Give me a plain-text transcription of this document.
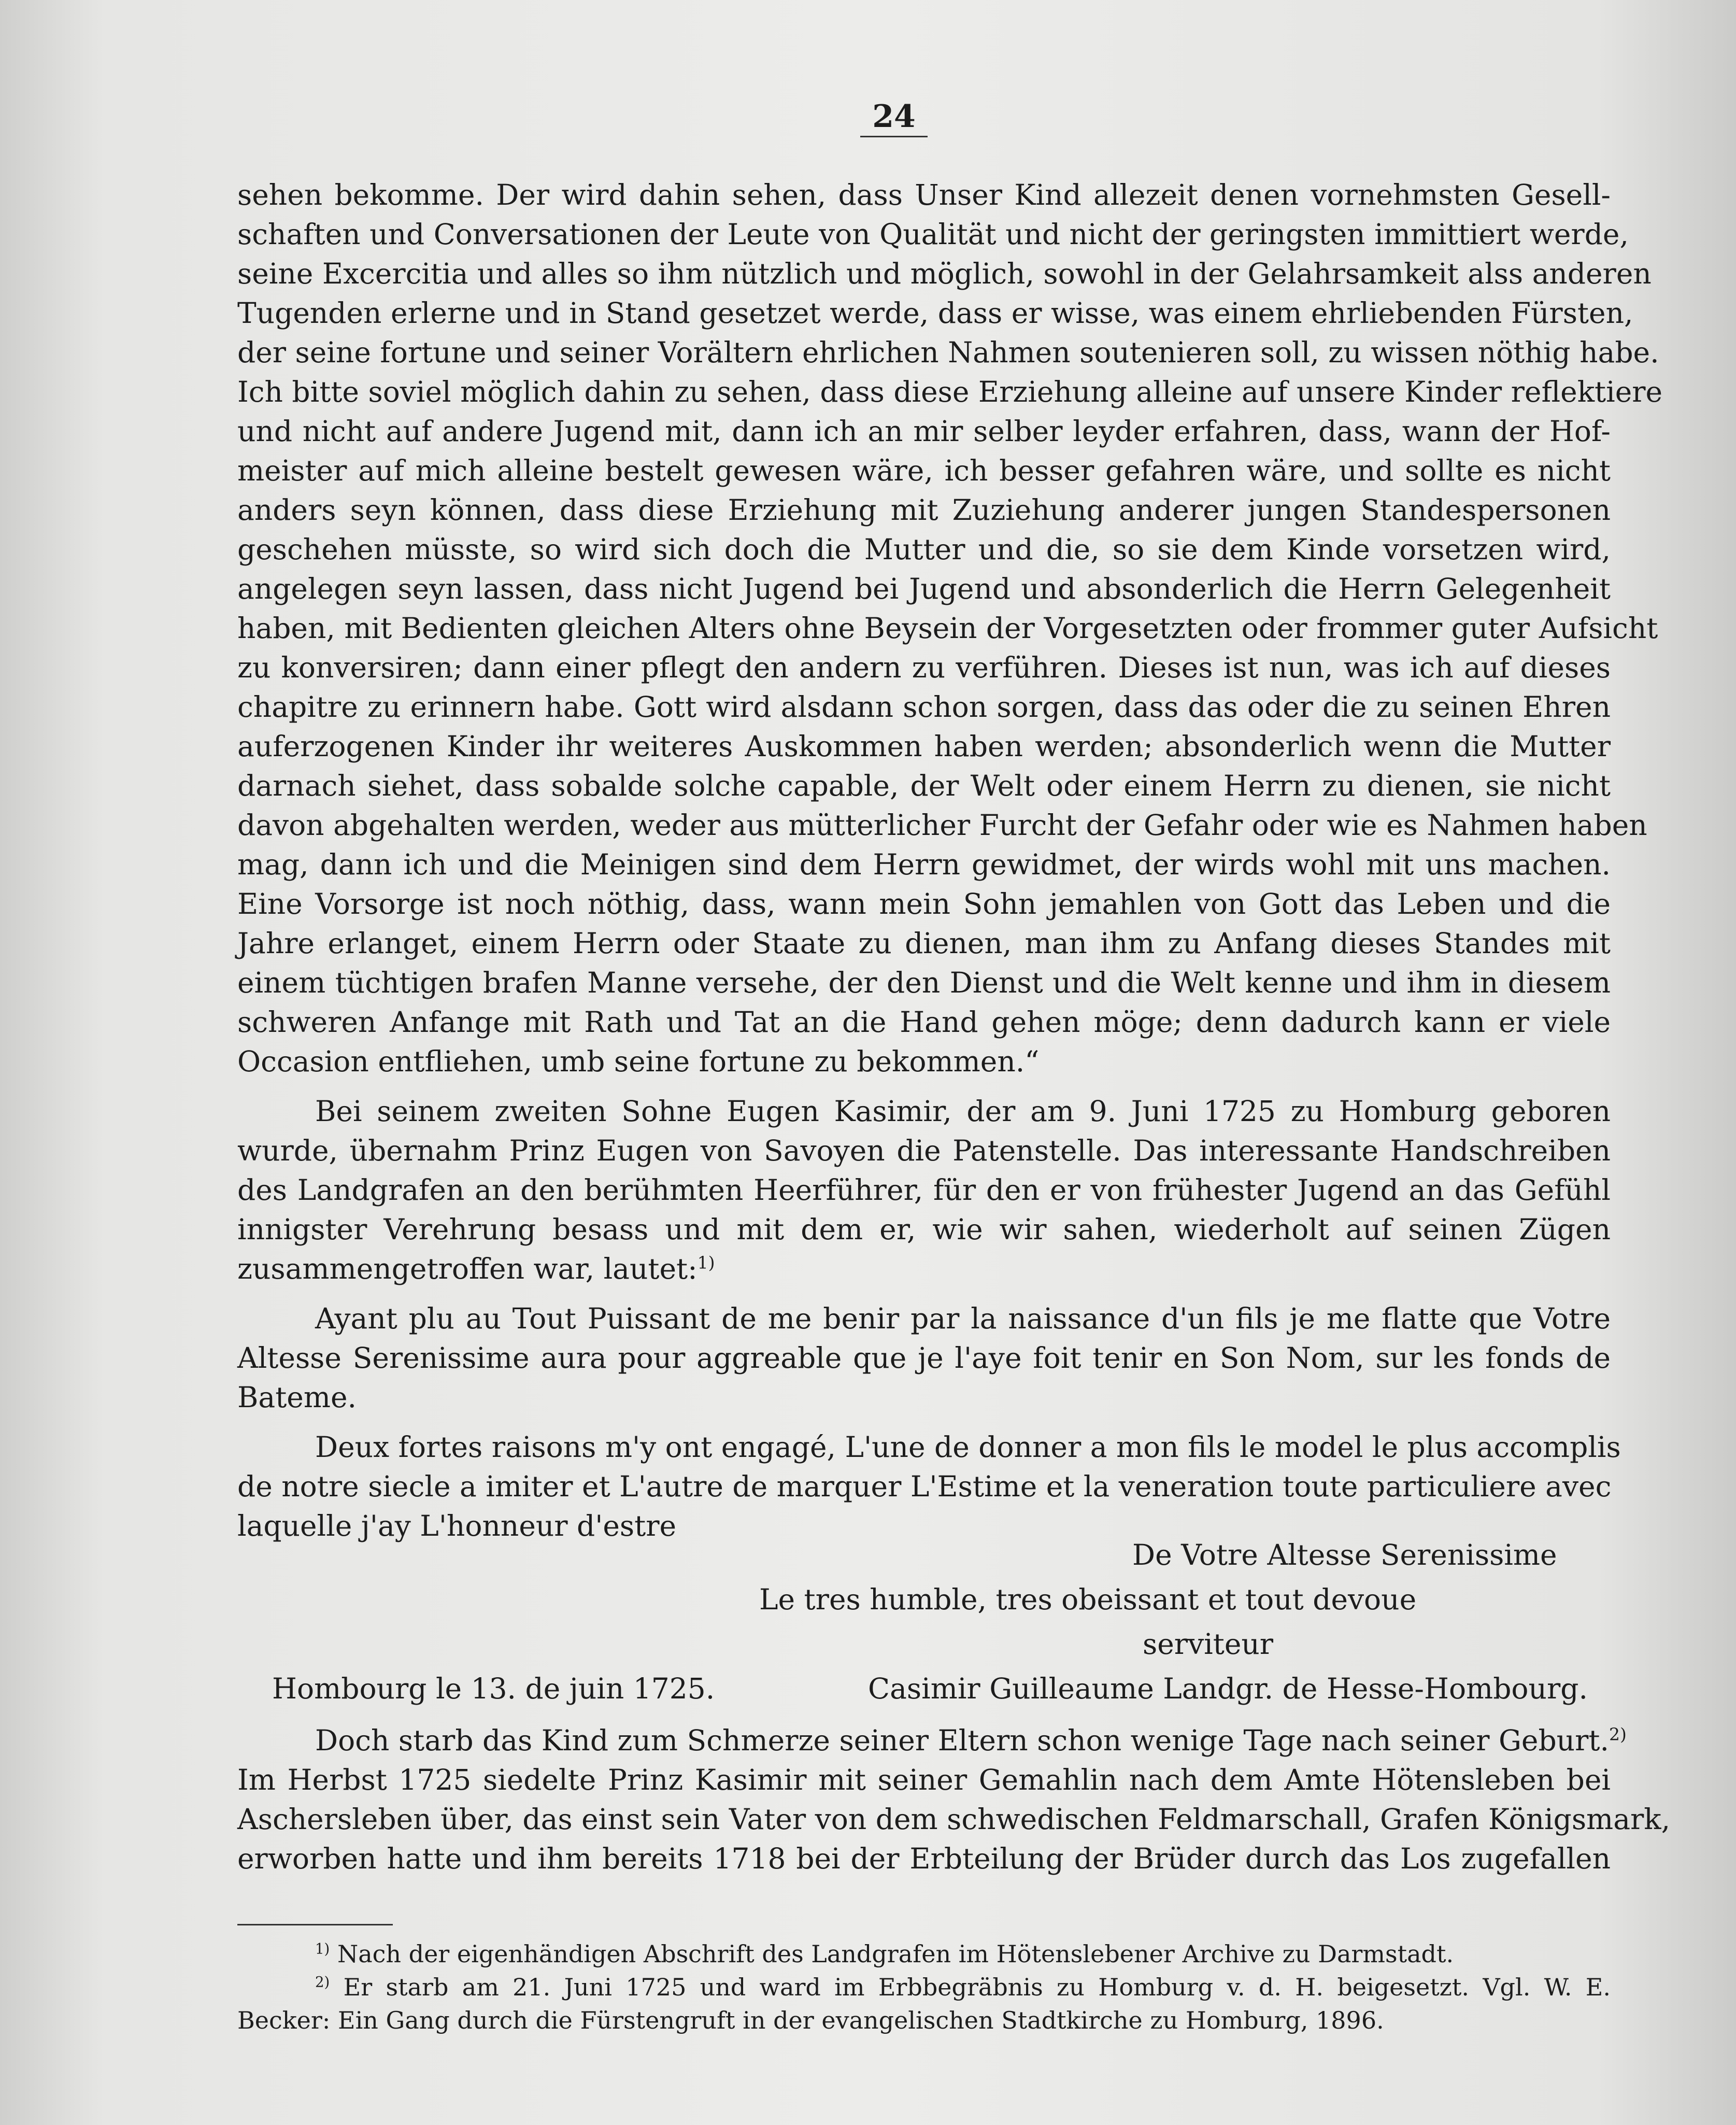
24
sehen bekomme. Der wird dahin sehen, dass Unser Kind allezeit denen vornehmsten Gesell-
schaften und Conversationen der Leute von Qualität und nicht der geringsten immittiert werde,
seine Excercitia und alles so ihm nützlich und möglich, sowohl in der Gelahrsamkeit alss anderen
Tugenden erlerne und in Stand gesetzet werde, dass er wisse, was einem ehrliebenden Fürsten,
der seine fortune und seiner Vorältern ehrlichen Nahmen soutenieren soll, zu wissen nöthig habe.
Ich bitte soviel möglich dahin zu sehen, dass diese Erziehung alleine auf unsere Kinder reflektiere
und nicht auf andere Jugend mit, dann ich an mir selber leyder erfahren, dass, wann der Hof-
meister auf mich alleine bestelt gewesen wäre, ich besser gefahren wäre, und sollte es nicht
anders seyn können, dass diese Erziehung mit Zuziehung anderer jungen Standespersonen
geschehen müsste, so wird sich doch die Mutter und die, so sie dem Kinde vorsetzen wird,
angelegen seyn lassen, dass nicht Jugend bei Jugend und absonderlich die Herrn Gelegenheit
haben, mit Bedienten gleichen Alters ohne Beysein der Vorgesetzten oder frommer guter Aufsicht
zu konversiren; dann einer pflegt den andern zu verführen. Dieses ist nun, was ich auf dieses
chapitre zu erinnern habe. Gott wird alsdann schon sorgen, dass das oder die zu seinen Ehren
auferzogenen Kinder ihr weiteres Auskommen haben werden; absonderlich wenn die Mutter
darnach siehet, dass sobalde solche capable, der Welt oder einem Herrn zu dienen, sie nicht
davon abgehalten werden, weder aus mütterlicher Furcht der Gefahr oder wie es Nahmen haben
mag, dann ich und die Meinigen sind dem Herrn gewidmet, der wirds wohl mit uns machen.
Eine Vorsorge ist noch nöthig, dass, wann mein Sohn jemahlen von Gott das Leben und die
Jahre erlanget, einem Herrn oder Staate zu dienen, man ihm zu Anfang dieses Standes mit
einem tüchtigen brafen Manne versehe, der den Dienst und die Welt kenne und ihm in diesem
schweren Anfange mit Rath und Tat an die Hand gehen möge; denn dadurch kann er viele
Occasion entfliehen, umb seine fortune zu bekommen.“
Bei seinem zweiten Sohne Eugen Kasimir, der am 9. Juni 1725 zu Homburg geboren
wurde, übernahm Prinz Eugen von Savoyen die Patenstelle. Das interessante Handschreiben
des Landgrafen an den berühmten Heerführer, für den er von frühester Jugend an das Gefühl
innigster Verehrung besass und mit dem er, wie wir sahen, wiederholt auf seinen Zügen
zusammengetroffen war, lautet:$^{1)}$
Ayant plu au Tout Puissant de me benir par la naissance d'un fils je me flatte que Votre
Altesse Serenissime aura pour aggreable que je l'aye foit tenir en Son Nom, sur les fonds de
Bateme.
Deux fortes raisons m'y ont engagé, L'une de donner a mon fils le model le plus accomplis
de notre siecle a imiter et L'autre de marquer L'Estime et la veneration toute particuliere avec
laquelle j'ay L'honneur d'estre
De Votre Altesse Serenissime
Le tres humble, tres obeissant et tout devoue
serviteur
Hombourg le 13. de juin 1725.	Casimir Guilleaume Landgr. de Hesse-Hombourg.
Doch starb das Kind zum Schmerze seiner Eltern schon wenige Tage nach seiner Geburt.$^{2)}$
Im Herbst 1725 siedelte Prinz Kasimir mit seiner Gemahlin nach dem Amte Hötensleben bei
Aschersleben über, das einst sein Vater von dem schwedischen Feldmarschall, Grafen Königsmark,
erworben hatte und ihm bereits 1718 bei der Erbteilung der Brüder durch das Los zugefallen
$^{1)}$ Nach der eigenhändigen Abschrift des Landgrafen im Hötenslebener Archive zu Darmstadt.
$^{2)}$ Er starb am 21. Juni 1725 und ward im Erbbegräbnis zu Homburg v. d. H. beigesetzt. Vgl. W. E.
Becker: Ein Gang durch die Fürstengruft in der evangelischen Stadtkirche zu Homburg, 1896.
